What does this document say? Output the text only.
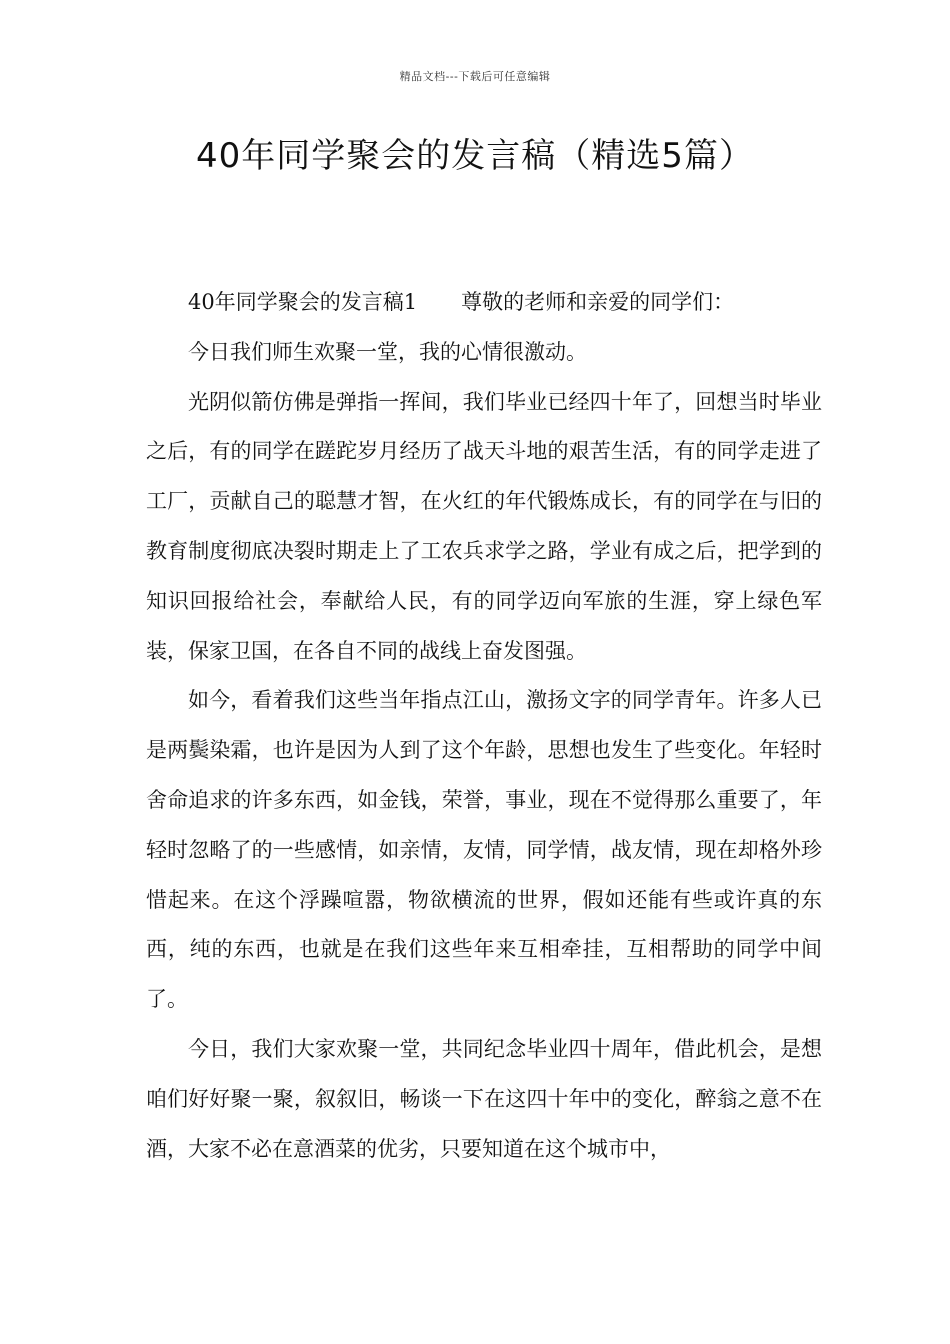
精品文档---下载后可任意编辑
40年同学聚会的发言稿（精选5篇）

40年同学聚会的发言稿1 尊敬的老师和亲爱的同学们：

今日我们师生欢聚一堂，我的心情很激动。

光阴似箭仿佛是弹指一挥间，我们毕业已经四十年了，回想当时毕业之后，有的同学在蹉跎岁月经历了战天斗地的艰苦生活，有的同学走进了工厂，贡献自己的聪慧才智，在火红的年代锻炼成长，有的同学在与旧的教育制度彻底决裂时期走上了工农兵求学之路，学业有成之后，把学到的知识回报给社会，奉献给人民，有的同学迈向军旅的生涯，穿上绿色军装，保家卫国，在各自不同的战线上奋发图强。

如今，看着我们这些当年指点江山，激扬文字的同学青年。许多人已是两鬓染霜，也许是因为人到了这个年龄，思想也发生了些变化。年轻时舍命追求的许多东西，如金钱，荣誉，事业，现在不觉得那么重要了，年轻时忽略了的一些感情，如亲情，友情，同学情，战友情，现在却格外珍惜起来。在这个浮躁喧嚣，物欲横流的世界，假如还能有些或许真的东西，纯的东西，也就是在我们这些年来互相牵挂，互相帮助的同学中间了。

今日，我们大家欢聚一堂，共同纪念毕业四十周年，借此机会，是想咱们好好聚一聚，叙叙旧，畅谈一下在这四十年中的变化，醉翁之意不在酒，大家不必在意酒菜的优劣，只要知道在这个城市中，
